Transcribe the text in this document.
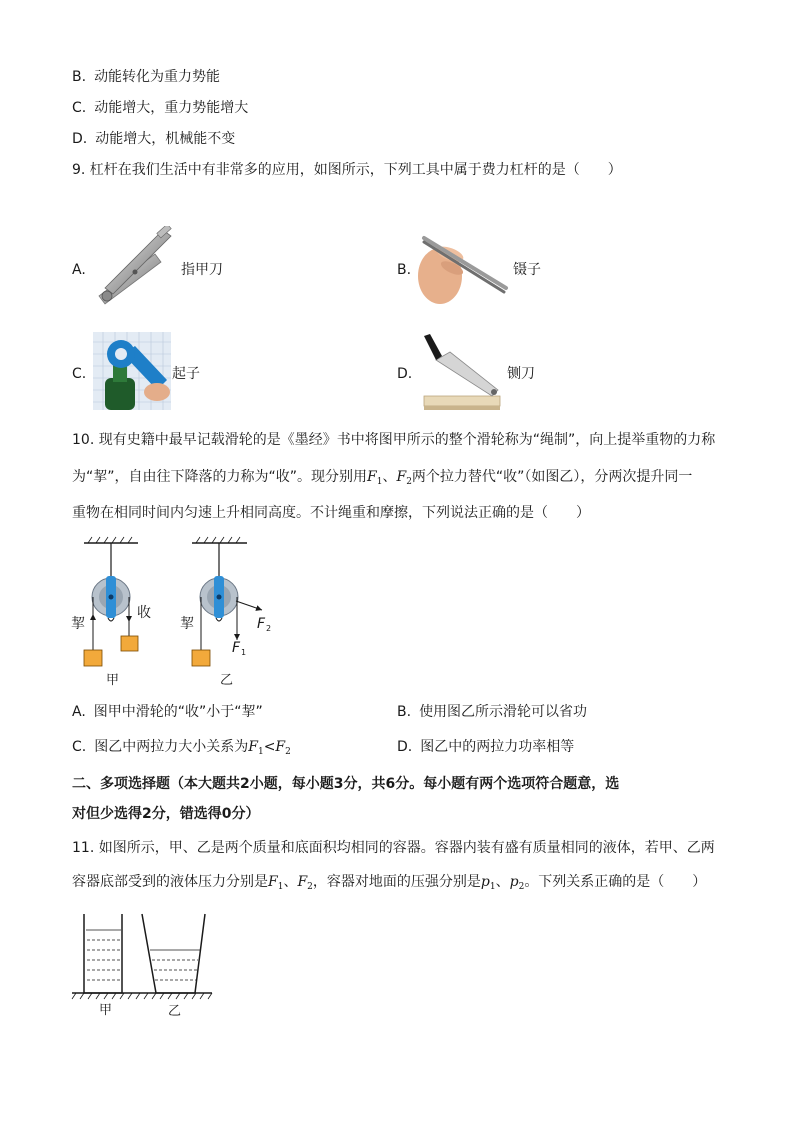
B. 动能转化为重力势能
C. 动能增大，重力势能增大
D. 动能增大，机械能不变
9. 杠杆在我们生活中有非常多的应用，如图所示，下列工具中属于费力杠杆的是（　　）
A.	指甲刀	B.	镊子
C.	起子	D.	铡刀
10. 现有史籍中最早记载滑轮的是《墨经》书中将图甲所示的整个滑轮称为“绳制”，向上提举重物的力称
为“挈”，自由往下降落的力称为“收”。现分别用$F_1$、$F_2$两个拉力替代“收”（如图乙），分两次提升同一
重物在相同时间内匀速上升相同高度。不计绳重和摩擦，下列说法正确的是（　　）
挈
收
甲
挈
F 1
F 2
乙
A. 图甲中滑轮的“收”小于“挈”	B. 使用图乙所示滑轮可以省功
C. 图乙中两拉力大小关系为$F_1<F_2$	D. 图乙中的两拉力功率相等
二、多项选择题（本大题共2小题，每小题3分，共6分。每小题有两个选项符合题意，选
对但少选得2分，错选得0分）
11. 如图所示，甲、乙是两个质量和底面积均相同的容器。容器内装有盛有质量相同的液体，若甲、乙两
容器底部受到的液体压力分别是$F_1$、$F_2$，容器对地面的压强分别是$p_1$、$p_2$。下列关系正确的是（　　）
甲	乙
